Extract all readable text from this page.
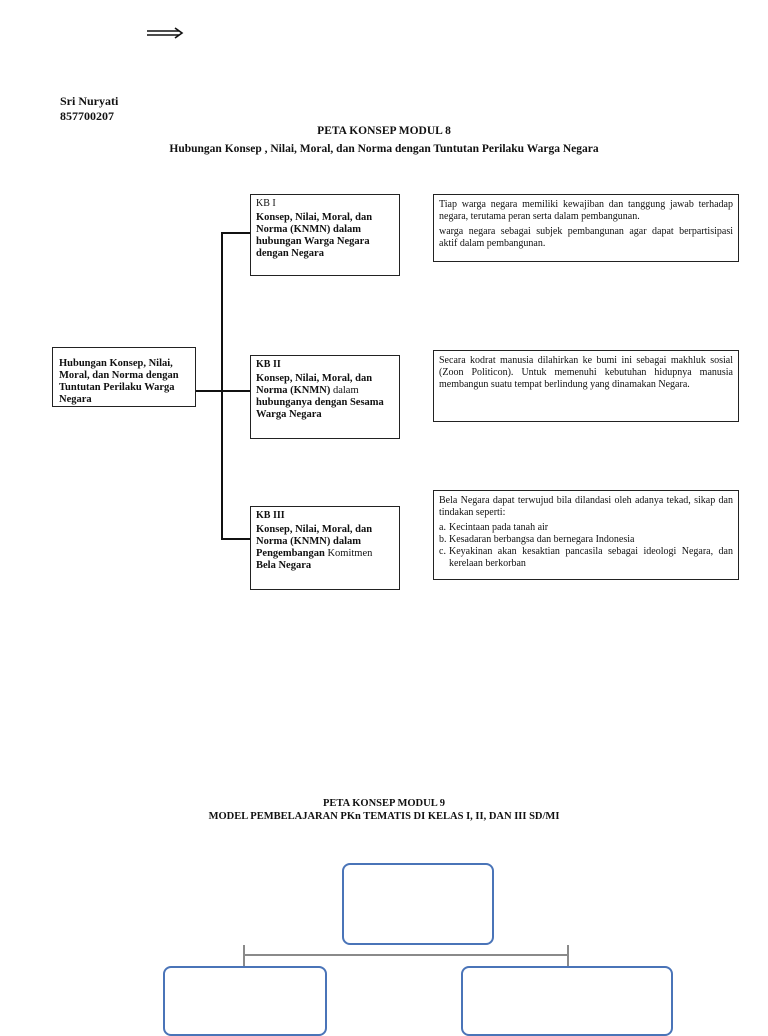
Sri Nuryati
857700207
PETA KONSEP MODUL 8
Hubungan Konsep , Nilai, Moral, dan Norma dengan Tuntutan Perilaku Warga Negara
Hubungan Konsep, Nilai, Moral, dan Norma dengan Tuntutan Perilaku Warga Negara
KB I
Konsep, Nilai, Moral, dan Norma (KNMN) dalam hubungan Warga Negara dengan Negara

Tiap warga negara memiliki kewajiban dan tanggung jawab terhadap negara, terutama peran serta dalam pembangunan.

warga negara sebagai subjek pembangunan agar dapat berpartisipasi aktif dalam pembangunan.

KB II
Konsep, Nilai, Moral, dan Norma (KNMN) dalam hubunganya dengan Sesama Warga Negara

Secara kodrat manusia dilahirkan ke bumi ini sebagai makhluk sosial (Zoon Politicon). Untuk memenuhi kebutuhan hidupnya manusia membangun suatu tempat berlindung yang dinamakan Negara.

KB III
Konsep, Nilai, Moral, dan Norma (KNMN) dalam Pengembangan Komitmen Bela Negara

Bela Negara dapat terwujud bila dilandasi oleh adanya tekad, sikap dan tindakan seperti:

a. Kecintaan pada tanah air
b. Kesadaran berbangsa dan bernegara Indonesia
c. Keyakinan akan kesaktian pancasila sebagai ideologi Negara, dan kerelaan berkorban
PETA KONSEP MODUL 9
MODEL PEMBELAJARAN PKn TEMATIS DI KELAS I, II, DAN III SD/MI
